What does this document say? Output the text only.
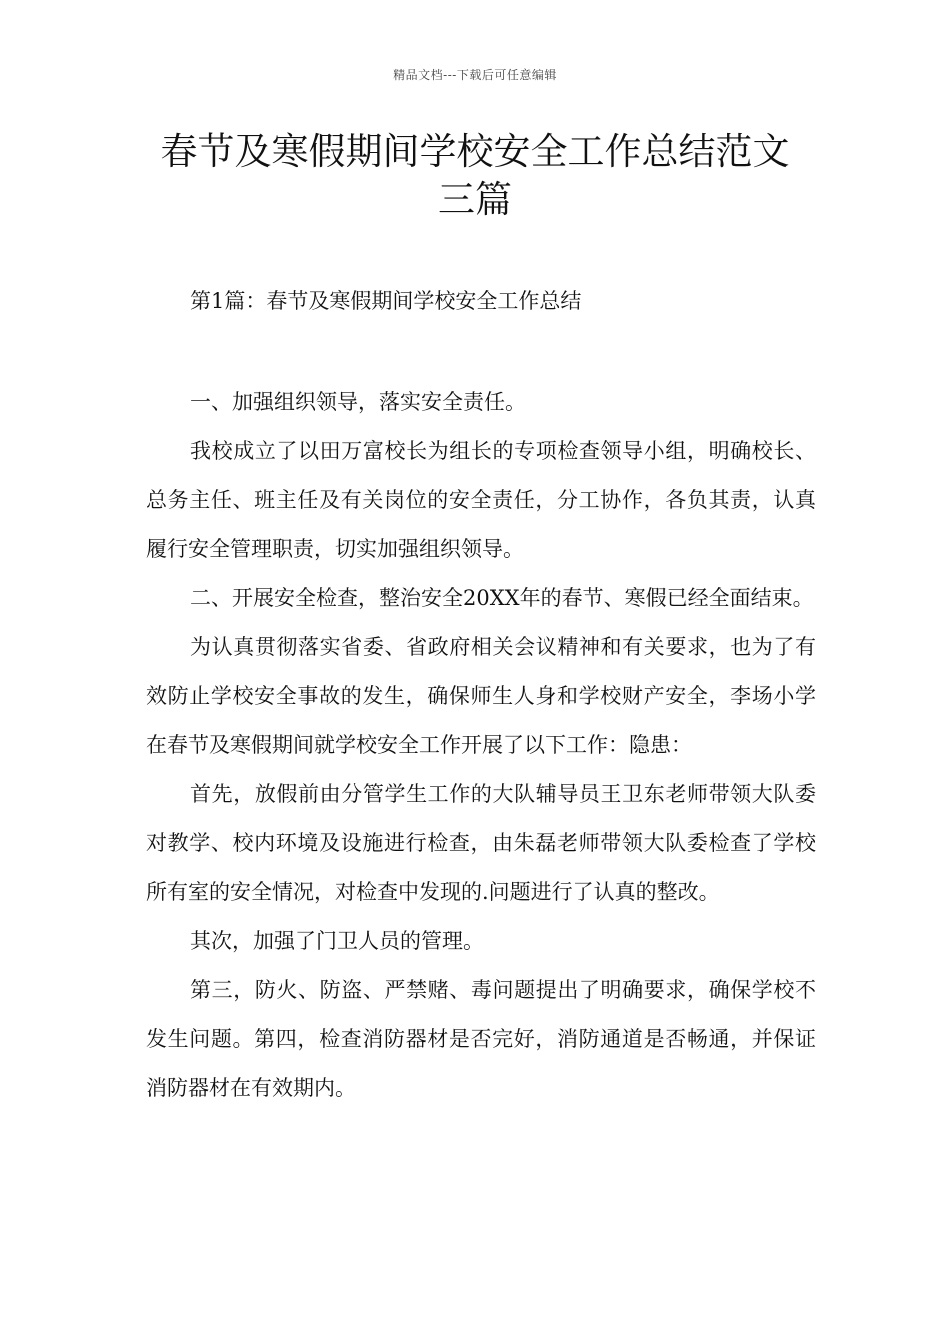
精品文档---下载后可任意编辑
春节及寒假期间学校安全工作总结范文
三篇
第1篇：春节及寒假期间学校安全工作总结

一、加强组织领导，落实安全责任。

我校成立了以田万富校长为组长的专项检查领导小组，明确校长、总务主任、班主任及有关岗位的安全责任，分工协作，各负其责，认真履行安全管理职责，切实加强组织领导。

二、开展安全检查，整治安全20XX年的春节、寒假已经全面结束。

为认真贯彻落实省委、省政府相关会议精神和有关要求，也为了有效防止学校安全事故的发生，确保师生人身和学校财产安全，李场小学在春节及寒假期间就学校安全工作开展了以下工作：隐患：

首先，放假前由分管学生工作的大队辅导员王卫东老师带领大队委对教学、校内环境及设施进行检查，由朱磊老师带领大队委检查了学校所有室的安全情况，对检查中发现的.问题进行了认真的整改。

其次，加强了门卫人员的管理。

第三，防火、防盗、严禁赌、毒问题提出了明确要求，确保学校不发生问题。第四，检查消防器材是否完好，消防通道是否畅通，并保证消防器材在有效期内。
